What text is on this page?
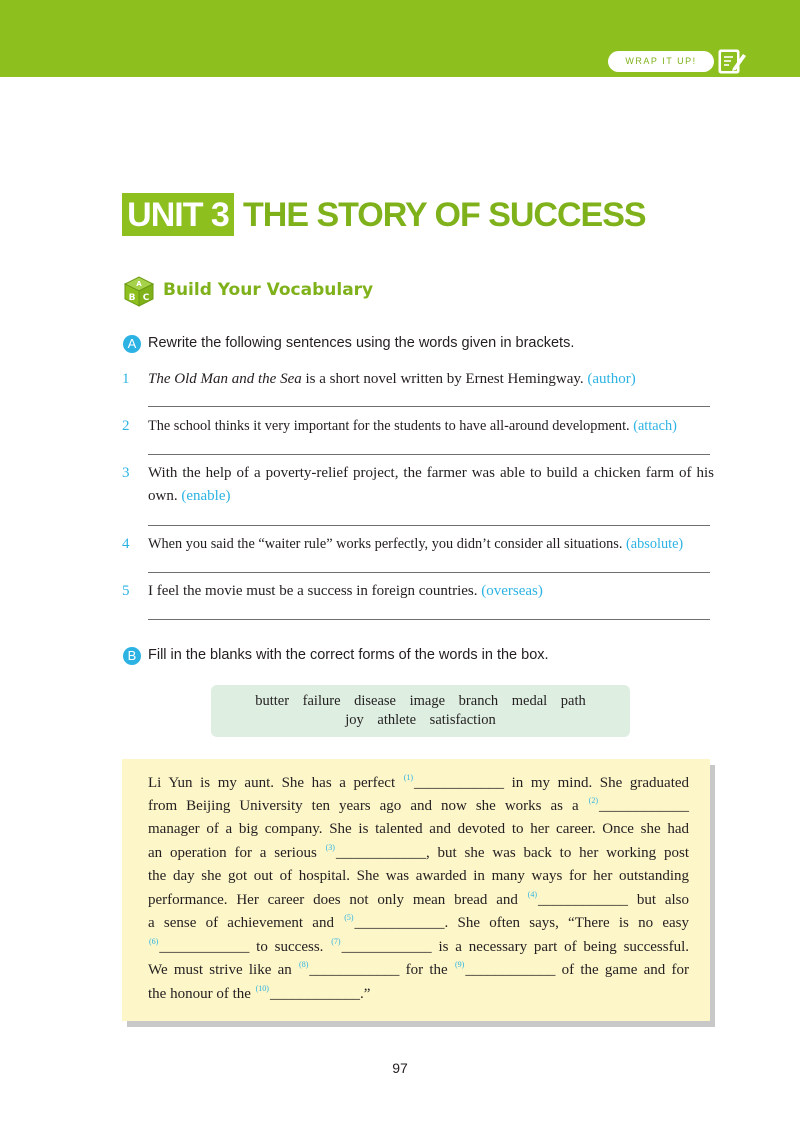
WRAP IT UP!
UNIT 3 THE STORY OF SUCCESS
A
B C Build Your Vocabulary
A Rewrite the following sentences using the words given in brackets.
1 The Old Man and the Sea is a short novel written by Ernest Hemingway. (author)
2 The school thinks it very important for the students to have all-around development. (attach)
3 With the help of a poverty-relief project, the farmer was able to build a chicken farm of his own. (enable)
4 When you said the “waiter rule” works perfectly, you didn’t consider all situations. (absolute)
5 I feel the movie must be a success in foreign countries. (overseas)
B Fill in the blanks with the correct forms of the words in the box.
butter failure disease image branch medal path
joy athlete satisfaction
Li Yun is my aunt. She has a perfect $^{(1)}$____________ in my mind. She graduated
from Beijing University ten years ago and now she works as a $^{(2)}$____________
manager of a big company. She is talented and devoted to her career. Once she had
an operation for a serious $^{(3)}$____________, but she was back to her working post
the day she got out of hospital. She was awarded in many ways for her outstanding
performance. Her career does not only mean bread and $^{(4)}$____________ but also
a sense of achievement and $^{(5)}$____________. She often says, “There is no easy
$^{(6)}$____________ to success. $^{(7)}$____________ is a necessary part of being successful.
We must strive like an $^{(8)}$____________ for the $^{(9)}$____________ of the game and for
the honour of the $^{(10)}$____________.”
97
